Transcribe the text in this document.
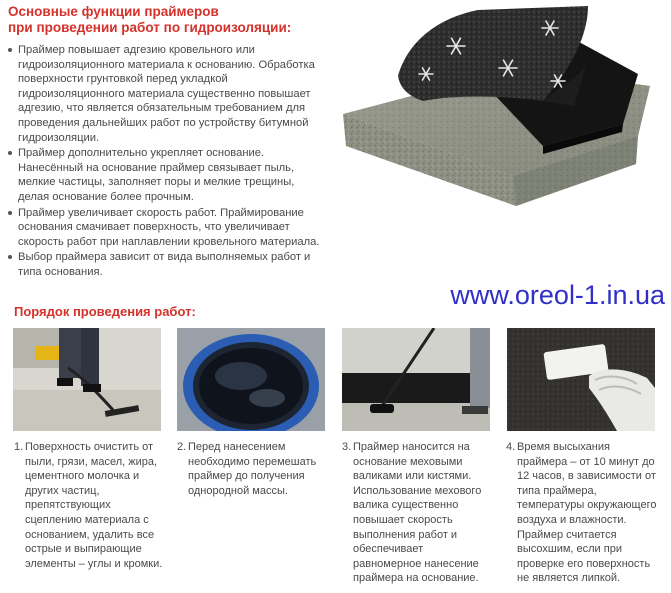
Основные функции праймеров
при проведении работ по гидроизоляции:
Праймер повышает адгезию кровельного или гидроизоляционного материала к основанию. Обработка поверхности грунтовкой перед укладкой гидроизоляционного материала существенно повышает адгезию, что является обязательным требованием для проведения дальнейших работ по устройству битумной гидроизоляции.
Праймер дополнительно укрепляет основание. Нанесённый на основание праймер связывает пыль, мелкие частицы, заполняет поры и мелкие трещины, делая основание более прочным.
Праймер увеличивает скорость работ. Праймирование основания смачивает поверхность, что увеличивает скорость работ при наплавлении кровельного материала.
Выбор праймера зависит от вида выполняемых работ и типа основания.
www.oreol-1.in.ua
Порядок проведения работ:
1. Поверхность очистить от пыли, грязи, масел, жира, цементного молочка и других частиц, препятствующих сцеплению материала с основанием, удалить все острые и выпирающие элементы – углы и кромки.
2. Перед нанесением необходимо перемешать праймер до получения однородной массы.
3. Праймер наносится на основание меховыми валиками или кистями. Использование мехового валика существенно повышает скорость выполнения работ и обеспечивает равномерное нанесение праймера на основание.
4. Время высыхания праймера – от 10 минут до 12 часов, в зависимости от типа праймера, температуры окружающего воздуха и влажности. Праймер считается высохшим, если при проверке его поверхность не является липкой.
